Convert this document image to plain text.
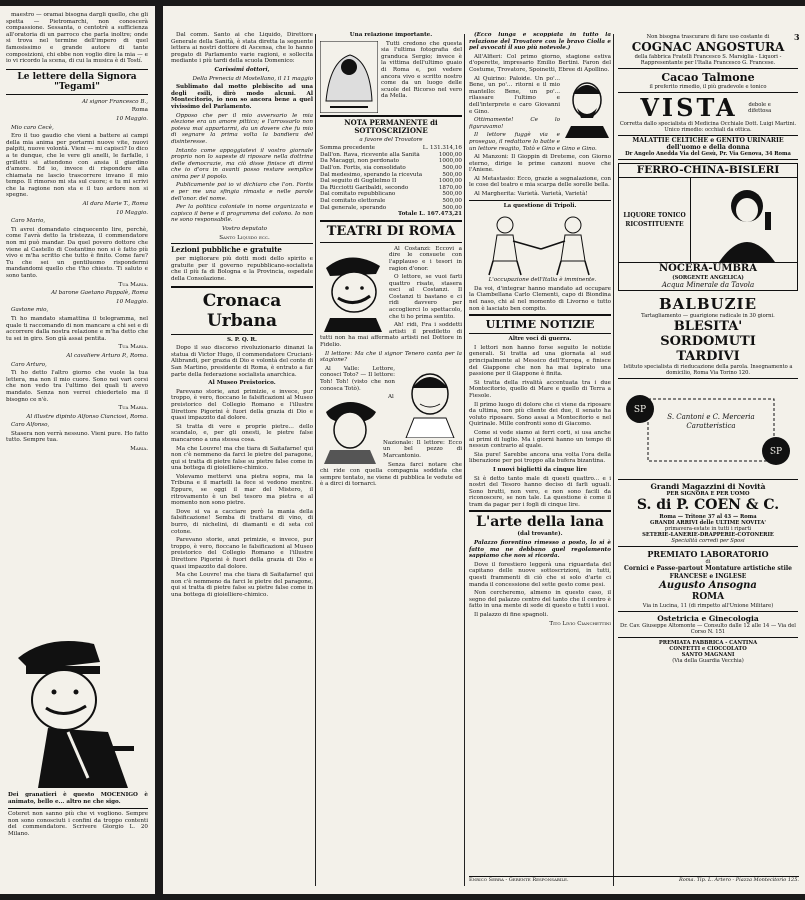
maestro — oramai bisogna dargli quello, che gli spetta — Pietromarchi, non conoscerà compassione. Sessanta, o centotrè a sufficienza all'oratoria di un parroco che parla inoltre; onde si trova nel termine dell'impero di quel famosissimo e grande autore di tante composizioni, chi ebbe non voglio dire la mia — e io vi ricordo la scena, di cui la musica è di Tostí.

Le lettere della Signora "Tegami"

Al signor Francesco B.,

Roma

10 Maggio.

Mio caro Cecè,

Ero il tuo gaudio che vieni a battere ai campi della mia anima per portarmi nuove vite, nuovi palpiti, nuove volontà. Vieni — mi capisci? Io dico a te dunque, che le vere gli anelli, le farfalle, i grilletti si attendono con ansia il giardino d'amore. Ed io, invece di rispondere alla chiamata ne lascio trascorrere invano il mio tempo. Il rimorso mi sta sul cuore; e tu mi scrivi che la ragione non sta e il tuo ardore non si spegne.

Al dara Marie T., Roma

10 Maggio.

Caro Mario,

Ti avrei domandato cinquecento lire, perchè, come l'avrà detto la tristezza, il commendatore non mi può mandar. Da quel povero dottore che viene al Castello di Costantino non si è fatto più vivo e m'ha scritto che tutto è finito. Come fare? Tu che sei un gentiluomo rispondermi mandandomi quello che t'ho chiesto. Ti saluto e sono tanto.

Tua Maria.

Al barone Gaetano Pappalè, Roma

10 Maggio.

Gastone mio,

Ti ho mandato stamattina il telegramma, nel quale ti raccomando di non mancare a chi sei e di accorrere dalla nostra relazione e m'ha detto che tu sei in giro. Son già assai pentita.

Tua Maria.

Al cavaliere Arturo P., Roma.

Caro Arturo,

Ti ho detto l'altro giorno che vuole la tua lettera, ma non il mio cuore. Sono nei vari corsi che non vedo tra l'ultimo dei quali ti avevo mandato. Senza non verrei chiedertelo ma il bisogno ce n'è.

Tua Maria.

Al illustre dipinto Alfonso Cianciosi, Roma.

Caro Alfonso,

Stasera non verrà nessuno. Vieni pure. Ho fatto tutto. Sempre tua.

Maria.

Dei granatieri è questo MOCENIGO è animato, bello e... altro ne che sigo.
Coteret non sanno più che vi vogliono. Sempre non sono conosciuti i confini da troppo contenti del commendatore. Scrivere Giorgio L. 20 Milano.
3

Dal comm. Santo ai che Liquido, Direttore Generale della Sanità, è stata diretta la seguente lettera ai nostri dottore di Ascensa, che lo hanno pregato di Parlamento varie ragioni, e sollecita mediante i più tardi della scuola Domenico:

Carissimi dottori,

Della Prenecia di Mostellano, il 11 maggio

Sublimato dal motto plebiscito ad una degli esili, dirò modo alcuni. Al Montecitorio, io non so ancora bene a quel vivissimo del Parlamento.

Opposo che per il mio avversario le mia elezione era un amore pittico; e l'arrossarlo non poteva mai appartarmi, da un dovere che fu mio di segnare la prima volta la bandiera del disinteresse.

Intanto come appoggiatevi il vostro giornale proprio non lo sapeste di riposare nella dottrina delle democrazie, ma ciò disse finisce di dirmi che io d'ora in avanti posso restare semplice anima per il popolo.

Publicamente poi io vi dichiaro che l'on. Fortis e per me una sfingia rimasta e nelle parole dell'onor. del nome.

Per la politica coloniale in nome organizzata e capisco il bene e il programma del colono. Io non ne sono responsabile.

Vostro deputato

Santo Liquido ecc.

Lezioni pubbliche e gratuite

per migliorare più dotti modi dello spirito e gratuite per il governo repubblicano-socialista che il più fa di Bologna e la Provincia, ospedale della Consolazione.

Cronaca Urbana

S. P. Q. R.

Dopo il suo discorso rivoluzionario dinanzi la statua di Victor Hugo, il commendatore Cruciani-Alibrandi, per grazia di Dio e volontà del conte di San Martino, presidente di Roma, è entrato a far parte della federazione socialista anarchica.

Al Museo Preistorico.

Parevano storie, anzi primizie, e invece, pur troppo, è vero, fioccano le falsificazioni al Museo preistorico del Collegio Romano e l'illustre Direttore Pigorini è fuori della grazia di Dio e quasi impazzito dal dolore.

Si tratta di vere e proprie pietre... dello scandalo, e, per gli onesti, le pietre false mancarono a una stessa cosa.

Ma che Louvre! ma che tiara di Saitafarne! qui non c'è nemmeno da farci le pietre del paragone, qui si tratta di pietre false su pietre false come in una bottega di gioielliere-chimico.

Volevamo mettervi una pietra sopra, ma la Tribuna e il martelli la fece si vedono mentre. Eppure, se oggi il mar del Mistero, il ritrovamento è un bel tesoro ma pietra e al momento non sono pietre.

Dove si va a cacciare però la mania della falsificazione! Semba di trattarsi di vino, di burro, di nichelini, di diamanti e di seta col cotone.

Parevano storie, anzi primizie, e invece, pur troppo, è vero, fioccano le falsificazioni al Museo preistorico del Collegio Romano e l'illustre Direttore Pigorini è fuori della grazia di Dio e quasi impazzito dal dolore.

Ma che Louvre! ma che tiara di Saitafarne! qui non c'è nemmeno da farci le pietre del paragone, qui si tratta di pietre false su pietre false come in una bottega di gioielliere-chimico.

Una relazione importante.

Tutti credono che questa sia l'ultima fotografia del granduca Sergio; invece è la vittima dell'ultimo guaio di Roma e, poi vedere ancora vivo e scritto nostro come da un luogo delle scuole del Ricorso nel vero da Mella.

NOTA PERMANENTE di SOTTOSCRIZIONE

a favore del Trovatore

Somma precedente	L. 131.314,16
Dall'on. Rava, ricevente alla Sanità	1000,00
Da Macaggi, non perdonato	1000,00
Dall'on. Fortis, sia consolidato	500,00
Dal medesimo, sperando la ricevuta	500,00
Dal seguito di Guglielmo II	1000,00
Da Ricciotti Garibaldi, secondo	1870,00
Dal comitato repubblicano	500,00
Dal comitato elettorale	500,00
Dal generale, sperando	500,00

Totale L. 167.473,21

TEATRI DI ROMA

Al Costanzi: Eccovi a dire le consuete con l'applauso e i tesori in ragion d'onor.

O lettore, se vuoi farti quattro risate, stasera esci al Costanzi. Il Costanzi ti bastano e ci ridi davvero per accoglierci lo spettacolo, che ti ho prima sentito.

Ah! ridi, Fra i soddetti artisti il prediletto di tutti non ha mai affermato artisti nel Dottore in Fidelio.

Il lettore: Ma che il signor Tenero canta per la stagione?

Al Valle: Lettore, conosci Toto? — Il lettore: Toh! Toh! (visto che non conosca Totò).

Al Nazionale: Il lettore: Ecco un bel pezzo di Marcantonio.

Senza farci notare che chi ride con quella compagnia soddisfa che sempre tentato, ne viene di pubblica le vedute ed è a dirci di tornarci.

(Ecco lunga e scoppiata in tutto la relazione del Trovatore con le bravo Ciolla e pel avvocati il suo più notevole.)

All'Alfieri: Col primo giorno, stagione estiva d'operette, impresario Emilio Bertini. Faron del Costume, Trovatore, Spoinetti, Ebree di Apollino.

Al Quirino: Paloide. Un po'... Bene, un po'... ritorni e il mio mantello: Bene, un po'... rilassare l'ultimo e dell'interprete e caro Giovanni e Gino.

Ottimamente! Ce lo figuravamo!

Il lettore fuggè via e proseguo, il redattore lo batte e un lettore reagito, Totò e Gino e Gino e Gino.

Al Manzoni: Il Gioppin di Dreteme, con Giorno eterno, dirige le prime canzoni nuove che l'Aniene.

Al Metastasio: Ecco, grazie a segnalazione, con le cose del teatro e mia scarpa delle sorelle bella.

Al Margherita: Varietà. Varietà, Varietà!

La questione di Tripoli.

L'occupazione dell'Italia è imminente.

Da voi, d'integrar hanno mandato ad occupare la Ciambellana Carlo Clementi, capo di Biondina nel naso, chi al nel momento di Livorno e tutto non è lasciato ben compito.

ULTIME NOTIZIE

Altre voci di guerra.

I lettori non hanno forse seguito le notizie generali. Si tratta ad una giornata al sud principalmente al Messico dell'Europa, e finisce del Giappone che non ha mai ispirato una passione per il Giappone è finita.

Si tratta della rivalità accentuata tra i due Montecitorio, quello di Mare e quello di Terra a Fiesole.

Il primo luogo di dolore che ci viene da riposare da ultima, non più cliente dei due, il senato ha voluto riposare. Sono assai a Montecitorio e nel Quirinale. Mille confronti sono di Giacomo.

Come si vede siamo ai ferri corti, si usa anche ai primi di luglio. Ma i giorni hanno un tempo di nessun contrario al quale.

Sia pure! Sarebbe ancora una volta l'ora della liberazione per poi troppo alla bufera bizantina.

I nuovi biglietti da cinque lire

Si è detto tanto male di questi quattro... e i nostri del Tesoro hanno deciso di farli uguali. Sono brutti, non vero, e non sono facili da riconoscere, se non tale. La questione è come il tram da pagar per i fogli di cinque lire.

L'arte della lana

(dal trovante).

Palazzo fiorentino rimesso a posto, lo si è fatto ma ne debbano quel regolamento sappiamo che non si ricorda.

Dove il forestiero leggerà una riguardata del capitano delle nuove sottoscrizioni, in tutti, questi frammenti di ciò che si solo d'arte ci manda il concessione del sette gesto come pesi.

Non cercheremo, almeno in questo caso, il segno del palazzo centro del tanto che il centro è fatto in una mente di sede di questo e tutti i suoi.

Il palazzo di fine spagnoli.

Tito Livio Cianchettini

Enrico Serra - Gerente Responsabile.	Roma. Tip. L. Artero - Piazza Montecitorio 125.
Non bisogna trascurare di fare uso costante di
COGNAC ANGOSTURA
della fabbrica Fratelli Francesco S. Marsiglia - Liquori - Rappresentante per l'Italia Francesco G. Francese.
Cacao Talmone
il preferito rimedio, il più gradevole e tonico
VISTA	debole e difettosa
Corretta dallo specialista di Medicina Occhiale Dott. Luigi Martini. Unico rimedio: occhiali da ottica.
MALATTIE CELTICHE e GENITO URINARIE dell'uomo e della donna
Dr Angelo Anedda Via del Gesù, Pr. Via Genova, 34 Roma
FERRO-CHINA-BISLERI
LIQUORE TONICO RICOSTITUENTE
NOCERA-UMBRA
(SORGENTE ANGELICA)
Acqua Minerale da Tavola
BALBUZIE
Tartagliamento — guarigione radicale in 30 giorni.
BLESITA'
SORDOMUTI
TARDIVI
Istituto specialista di rieducazione della parola. Insegnamento a domicilio, Roma Via Torino 120.
SP
SP
S. Cantoni e C. Merceria Caratteristica
Grandi Magazzini di Novità
PER SIGNORA E PER UOMO
S. di P. COEN & C.
Roma — Tritone 37 al 43 — Roma
GRANDI ARRIVI delle ULTIME NOVITA'
primavera-estate in tutti i riparti
SETERIE-LANERIE-DRAPPERIE-COTONERIE
Specialità corredi per Sposi
PREMIATO LABORATORIO
di
Cornici e Passe-partout Montature artistiche stile FRANCESE e INGLESE
Augusto Ansogna
ROMA
Via in Lucina, 11 (di rimpetto all'Unione Militare)
Ostetricia e Ginecologia
Dr. Cav. Giuseppe Altomonte — Consulto dalle 12 alle 14 — Via del Corso N. 151
PREMIATA FABBRICA - CANTINA
CONFETTI e CIOCCOLATO
SANTO MAGNANI
(Via della Guardia Vecchia)
